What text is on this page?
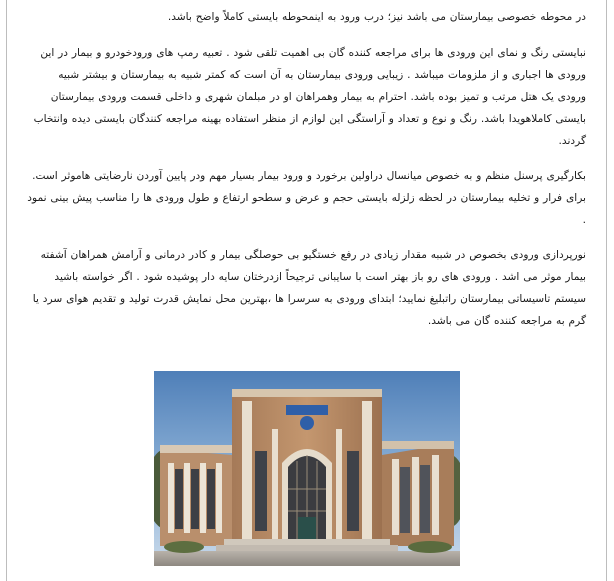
در محوطه خصوصی بیمارستان می باشد نیز؛ درب ورود به اینمحوطه بایستی کاملاً واضح باشد.

نبایستی رنگ و نمای این ورودی ها برای مراجعه کننده گان بی اهمیت تلقی شود . تعبیه رمپ های ورودخودرو و بیمار در این ورودی ها اجباری و از ملزومات میباشد . زیبایی ورودی بیمارستان به آن است که کمتر شبیه به بیمارستان و بیشتر شبیه ورودی یک هتل مرتب و تمیز بوده باشد. احترام به بیمار وهمراهان او در مبلمان شهری و داخلی قسمت ورودی بیمارستان بایستی کاملاهویدا باشد. رنگ و نوع و تعداد و آراستگی این لوازم از منظر استفاده بهینه مراجعه کنندگان بایستی دیده وانتخاب گردند.

بکارگیری پرسنل منظم و به خصوص میانسال دراولین برخورد و ورود بیمار بسیار مهم ودر پایین آوردن نارضایتی هاموثر است. برای فرار و تخلیه بیمارستان در لحظه زلزله بایستی حجم و عرض و سطحو ارتفاع و طول ورودی ها را مناسب پیش بینی نمود .

نورپردازی ورودی بخصوص در شببه مقدار زیادی در رفع خستگیو بی حوصلگی بیمار و کادر درمانی و آرامش همراهان آشفته بیمار موثر می اشد . ورودی های رو باز بهتر است با سایبانی ترجیحاً ازدرختان سایه دار پوشیده شود . اگر خواسته باشید سیستم تاسیساتی بیمارستان راتبلیغ نمایید؛ ابتدای ورودی به سرسرا ها ،بهترین محل نمایش قدرت تولید و تقدیم هوای سرد یا گرم به مراجعه کننده گان می باشد.
